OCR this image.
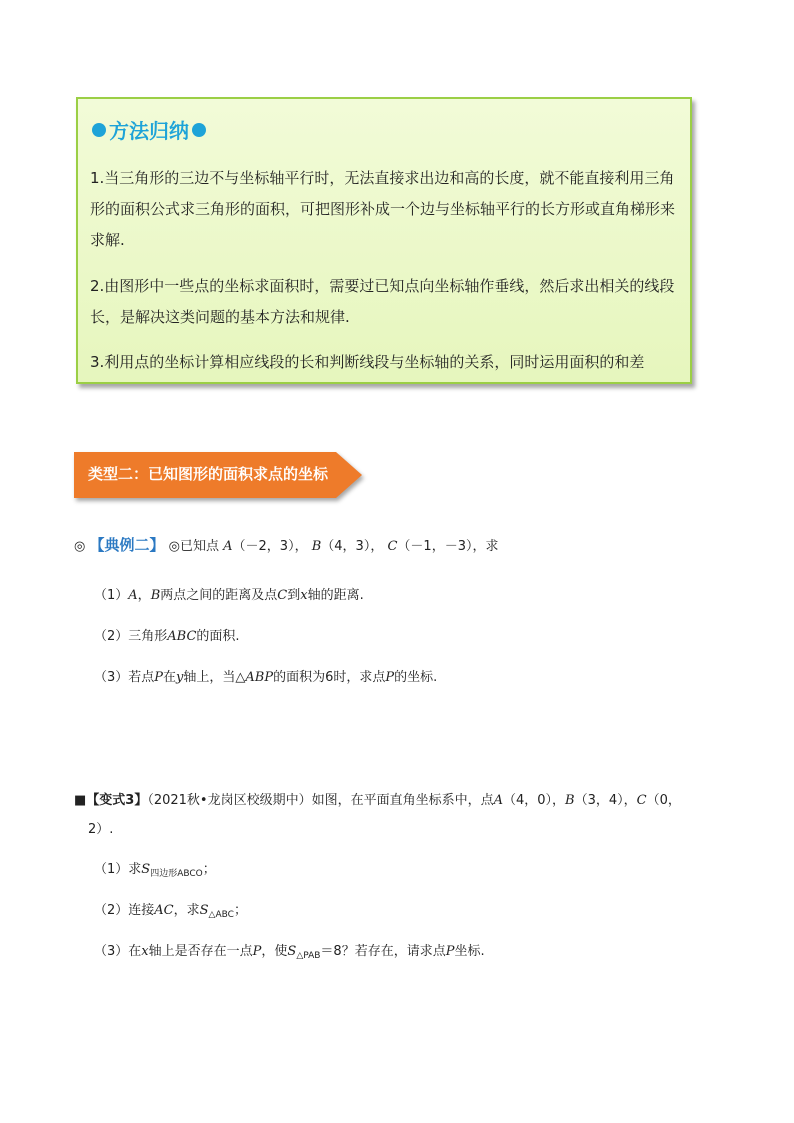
方法归纳

1.当三角形的三边不与坐标轴平行时，无法直接求出边和高的长度，就不能直接利用三角形的面积公式求三角形的面积，可把图形补成一个边与坐标轴平行的长方形或直角梯形来求解.

2.由图形中一些点的坐标求面积时，需要过已知点向坐标轴作垂线，然后求出相关的线段长，是解决这类问题的基本方法和规律.

3.利用点的坐标计算相应线段的长和判断线段与坐标轴的关系，同时运用面积的和差

类型二：已知图形的面积求点的坐标
◎ 【典例二】 ◎已知点 A（－2，3）， B（4，3）， C（－1，－3），求
（1）A，B两点之间的距离及点C到x轴的距离.
（2）三角形ABC的面积.
（3）若点P在y轴上，当△ABP的面积为6时，求点P的坐标.
■【变式3】（2021秋•龙岗区校级期中）如图，在平面直角坐标系中，点A（4，0），B（3，4），C（0，
2）.
（1）求$S_{四边形ABCO}$；
（2）连接AC，求$S_{\triangle ABC}$；
（3）在x轴上是否存在一点P，使$S_{\triangle PAB}=8$？若存在，请求点P坐标.
